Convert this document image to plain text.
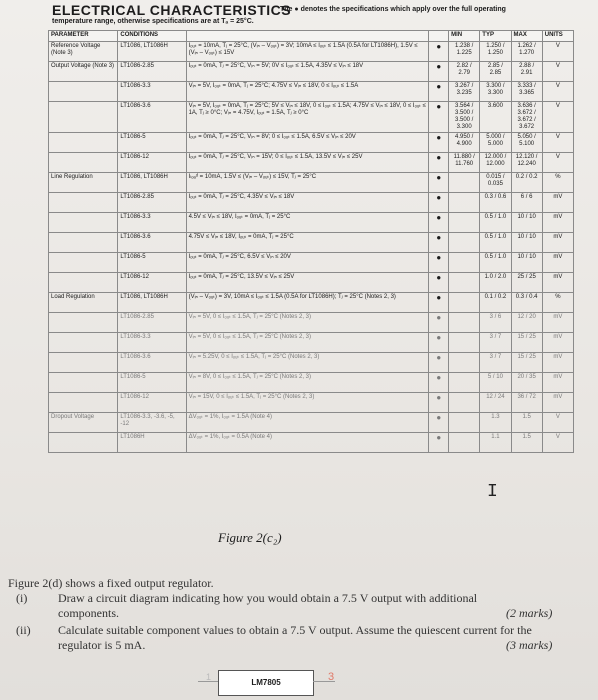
ELECTRICAL CHARACTERISTICS
The ● denotes the specifications which apply over the full operating
temperature range, otherwise specifications are at Tₐ = 25°C.
PARAMETER	CONDITIONS			MIN	TYP	MAX	UNITS
Reference Voltage (Note 3)	LT1086, LT1086H	Iₒᵤₜ = 10mA, Tⱼ = 25°C, (Vᵢₙ – Vₒᵤₜ) = 3V; 10mA ≤ Iₒᵤₜ ≤ 1.5A (0.5A for LT1086H), 1.5V ≤ (Vᵢₙ – Vₒᵤₜ) ≤ 15V	●	1.238 / 1.225	1.250 / 1.250	1.262 / 1.270	V
Output Voltage (Note 3)	LT1086-2.85	Iₒᵤₜ = 0mA, Tⱼ = 25°C, Vᵢₙ = 5V; 0V ≤ Iₒᵤₜ ≤ 1.5A, 4.35V ≤ Vᵢₙ ≤ 18V	●	2.82 / 2.79	2.85 / 2.85	2.88 / 2.91	V
	LT1086-3.3	Vᵢₙ = 5V, Iₒᵤₜ = 0mA, Tⱼ = 25°C; 4.75V ≤ Vᵢₙ ≤ 18V, 0 ≤ Iₒᵤₜ ≤ 1.5A	●	3.267 / 3.235	3.300 / 3.300	3.333 / 3.365	V
	LT1086-3.6	Vᵢₙ = 5V, Iₒᵤₜ = 0mA, Tⱼ = 25°C; 5V ≤ Vᵢₙ ≤ 18V, 0 ≤ Iₒᵤₜ ≤ 1.5A; 4.75V ≤ Vᵢₙ ≤ 18V, 0 ≤ Iₒᵤₜ ≤ 1A, Tⱼ ≥ 0°C; Vᵢₙ = 4.75V, Iₒᵤₜ = 1.5A, Tⱼ ≥ 0°C	●	3.564 / 3.500 / 3.500 / 3.300	3.600	3.636 / 3.672 / 3.672 / 3.672	V
	LT1086-5	Iₒᵤₜ = 0mA, Tⱼ = 25°C, Vᵢₙ = 8V; 0 ≤ Iₒᵤₜ ≤ 1.5A, 6.5V ≤ Vᵢₙ ≤ 20V	●	4.950 / 4.900	5.000 / 5.000	5.050 / 5.100	V
	LT1086-12	Iₒᵤₜ = 0mA, Tⱼ = 25°C, Vᵢₙ = 15V; 0 ≤ Iₒᵤₜ ≤ 1.5A, 13.5V ≤ Vᵢₙ ≤ 25V	●	11.880 / 11.760	12.000 / 12.000	12.120 / 12.240	V
Line Regulation	LT1086, LT1086H	Iₗₒₐᵈ = 10mA, 1.5V ≤ (Vᵢₙ – Vₒᵤₜ) ≤ 15V, Tⱼ = 25°C	●		0.015 / 0.035	0.2 / 0.2	%
	LT1086-2.85	Iₒᵤₜ = 0mA, Tⱼ = 25°C, 4.35V ≤ Vᵢₙ ≤ 18V	●		0.3 / 0.6	6 / 6	mV
	LT1086-3.3	4.5V ≤ Vᵢₙ ≤ 18V, Iₒᵤₜ = 0mA, Tⱼ = 25°C	●		0.5 / 1.0	10 / 10	mV
	LT1086-3.6	4.75V ≤ Vᵢₙ ≤ 18V, Iₒᵤₜ = 0mA, Tⱼ = 25°C	●		0.5 / 1.0	10 / 10	mV
	LT1086-5	Iₒᵤₜ = 0mA, Tⱼ = 25°C, 6.5V ≤ Vᵢₙ ≤ 20V	●		0.5 / 1.0	10 / 10	mV
	LT1086-12	Iₒᵤₜ = 0mA, Tⱼ = 25°C, 13.5V ≤ Vᵢₙ ≤ 25V	●		1.0 / 2.0	25 / 25	mV
Load Regulation	LT1086, LT1086H	(Vᵢₙ – Vₒᵤₜ) = 3V, 10mA ≤ Iₒᵤₜ ≤ 1.5A (0.5A for LT1086H); Tⱼ = 25°C (Notes 2, 3)	●		0.1 / 0.2	0.3 / 0.4	%
	LT1086-2.85	Vᵢₙ = 5V, 0 ≤ Iₒᵤₜ ≤ 1.5A, Tⱼ = 25°C (Notes 2, 3)	●		3 / 6	12 / 20	mV
	LT1086-3.3	Vᵢₙ = 5V, 0 ≤ Iₒᵤₜ ≤ 1.5A, Tⱼ = 25°C (Notes 2, 3)	●		3 / 7	15 / 25	mV
	LT1086-3.6	Vᵢₙ = 5.25V, 0 ≤ Iₒᵤₜ ≤ 1.5A, Tⱼ = 25°C (Notes 2, 3)	●		3 / 7	15 / 25	mV
	LT1086-5	Vᵢₙ = 8V, 0 ≤ Iₒᵤₜ ≤ 1.5A, Tⱼ = 25°C (Notes 2, 3)	●		5 / 10	20 / 35	mV
	LT1086-12	Vᵢₙ = 15V, 0 ≤ Iₒᵤₜ ≤ 1.5A, Tⱼ = 25°C (Notes 2, 3)	●		12 / 24	36 / 72	mV
Dropout Voltage	LT1086-3.3, -3.6, -5, -12	ΔVₒᵤₜ = 1%, Iₒᵤₜ = 1.5A (Note 4)	●		1.3	1.5	V
	LT1086H	ΔVₒᵤₜ = 1%, Iₒᵤₜ = 0.5A (Note 4)	●		1.1	1.5	V
I
Figure 2(c₂)
Figure 2(d) shows a fixed output regulator.
(i)	Draw a circuit diagram indicating how you would obtain a 7.5 V output with additional components.	(2 marks)
(ii) Calculate suitable component values to obtain a 7.5 V output. Assume the quiescent current for the regulator is 5 mA.	(3 marks)
1
LM7805	3
